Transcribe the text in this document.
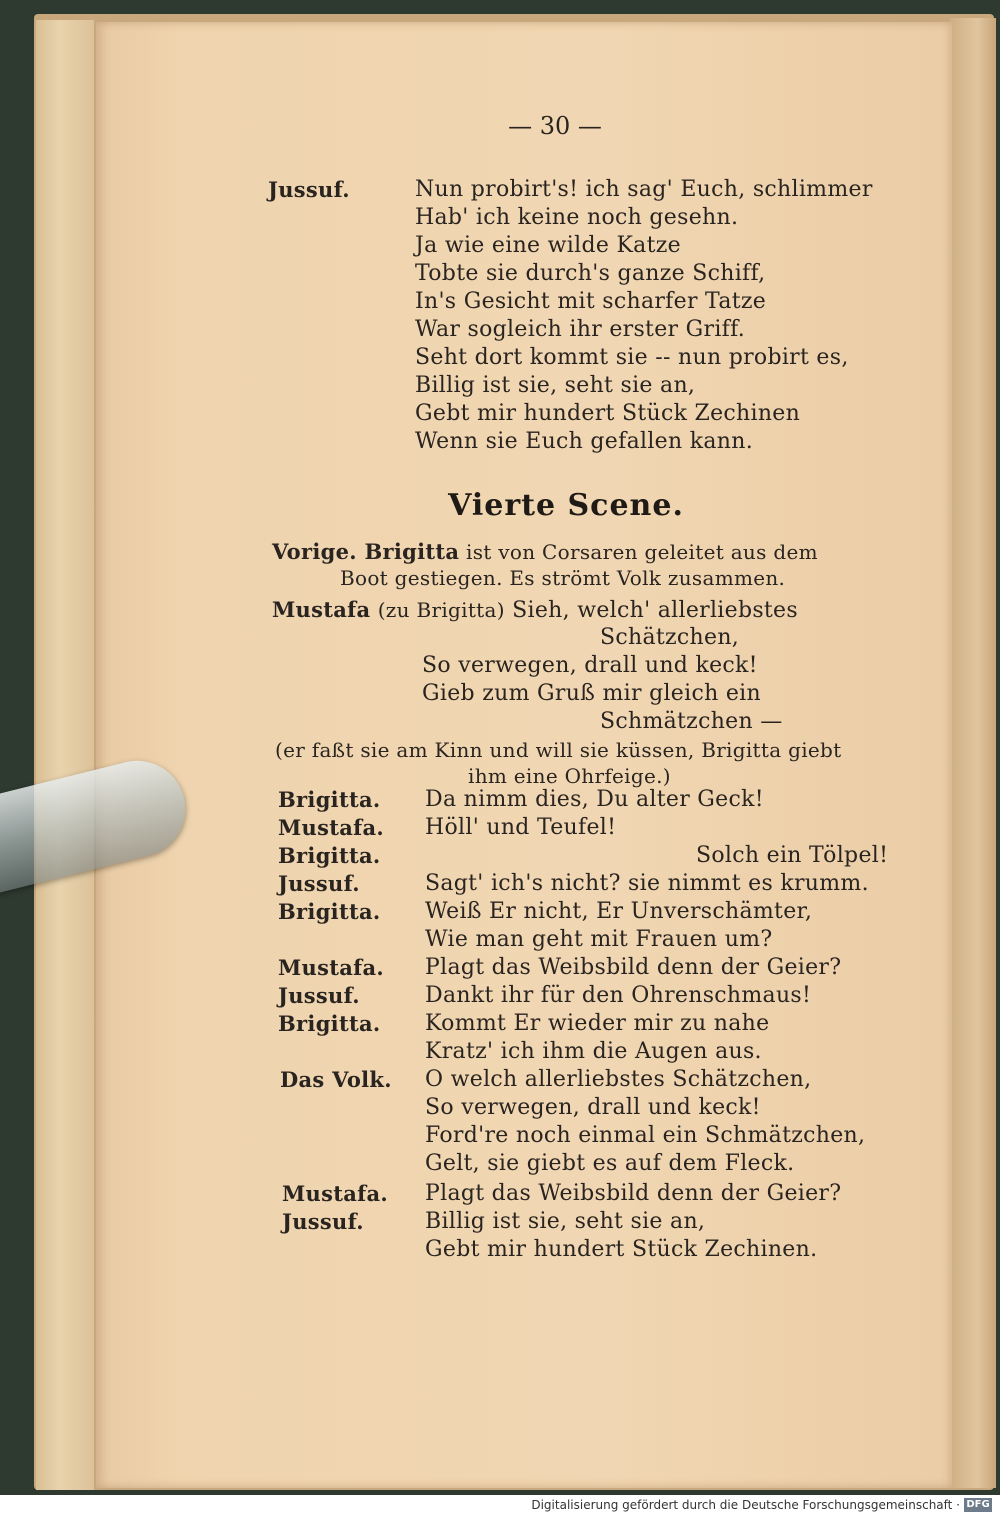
— 30 —
Jussuf.	Nun probirt's! ich sag' Euch, schlimmer
Hab' ich keine noch gesehn.
Ja wie eine wilde Katze
Tobte sie durch's ganze Schiff,
In's Gesicht mit scharfer Tatze
War sogleich ihr erster Griff.
Seht dort kommt sie -- nun probirt es,
Billig ist sie, seht sie an,
Gebt mir hundert Stück Zechinen
Wenn sie Euch gefallen kann.
Vierte Scene.
Vorige. Brigitta ist von Corsaren geleitet aus dem
Boot gestiegen. Es strömt Volk zusammen.
Mustafa (zu Brigitta) Sieh, welch' allerliebstes
Schätzchen,
So verwegen, drall und keck!
Gieb zum Gruß mir gleich ein
Schmätzchen —
(er faßt sie am Kinn und will sie küssen, Brigitta giebt
ihm eine Ohrfeige.)
Brigitta. Da nimm dies, Du alter Geck!
Mustafa. Höll' und Teufel!
Brigitta.	Solch ein Tölpel!
Jussuf.	Sagt' ich's nicht? sie nimmt es krumm.
Brigitta. Weiß Er nicht, Er Unverschämter,
Wie man geht mit Frauen um?
Mustafa. Plagt das Weibsbild denn der Geier?
Jussuf.	Dankt ihr für den Ohrenschmaus!
Brigitta. Kommt Er wieder mir zu nahe
Kratz' ich ihm die Augen aus.
Das Volk. O welch allerliebstes Schätzchen,
So verwegen, drall und keck!
Ford're noch einmal ein Schmätzchen,
Gelt, sie giebt es auf dem Fleck.
Mustafa. Plagt das Weibsbild denn der Geier?
Jussuf.	Billig ist sie, seht sie an,
Gebt mir hundert Stück Zechinen.
Digitalisierung gefördert durch die Deutsche Forschungsgemeinschaft · DFG
